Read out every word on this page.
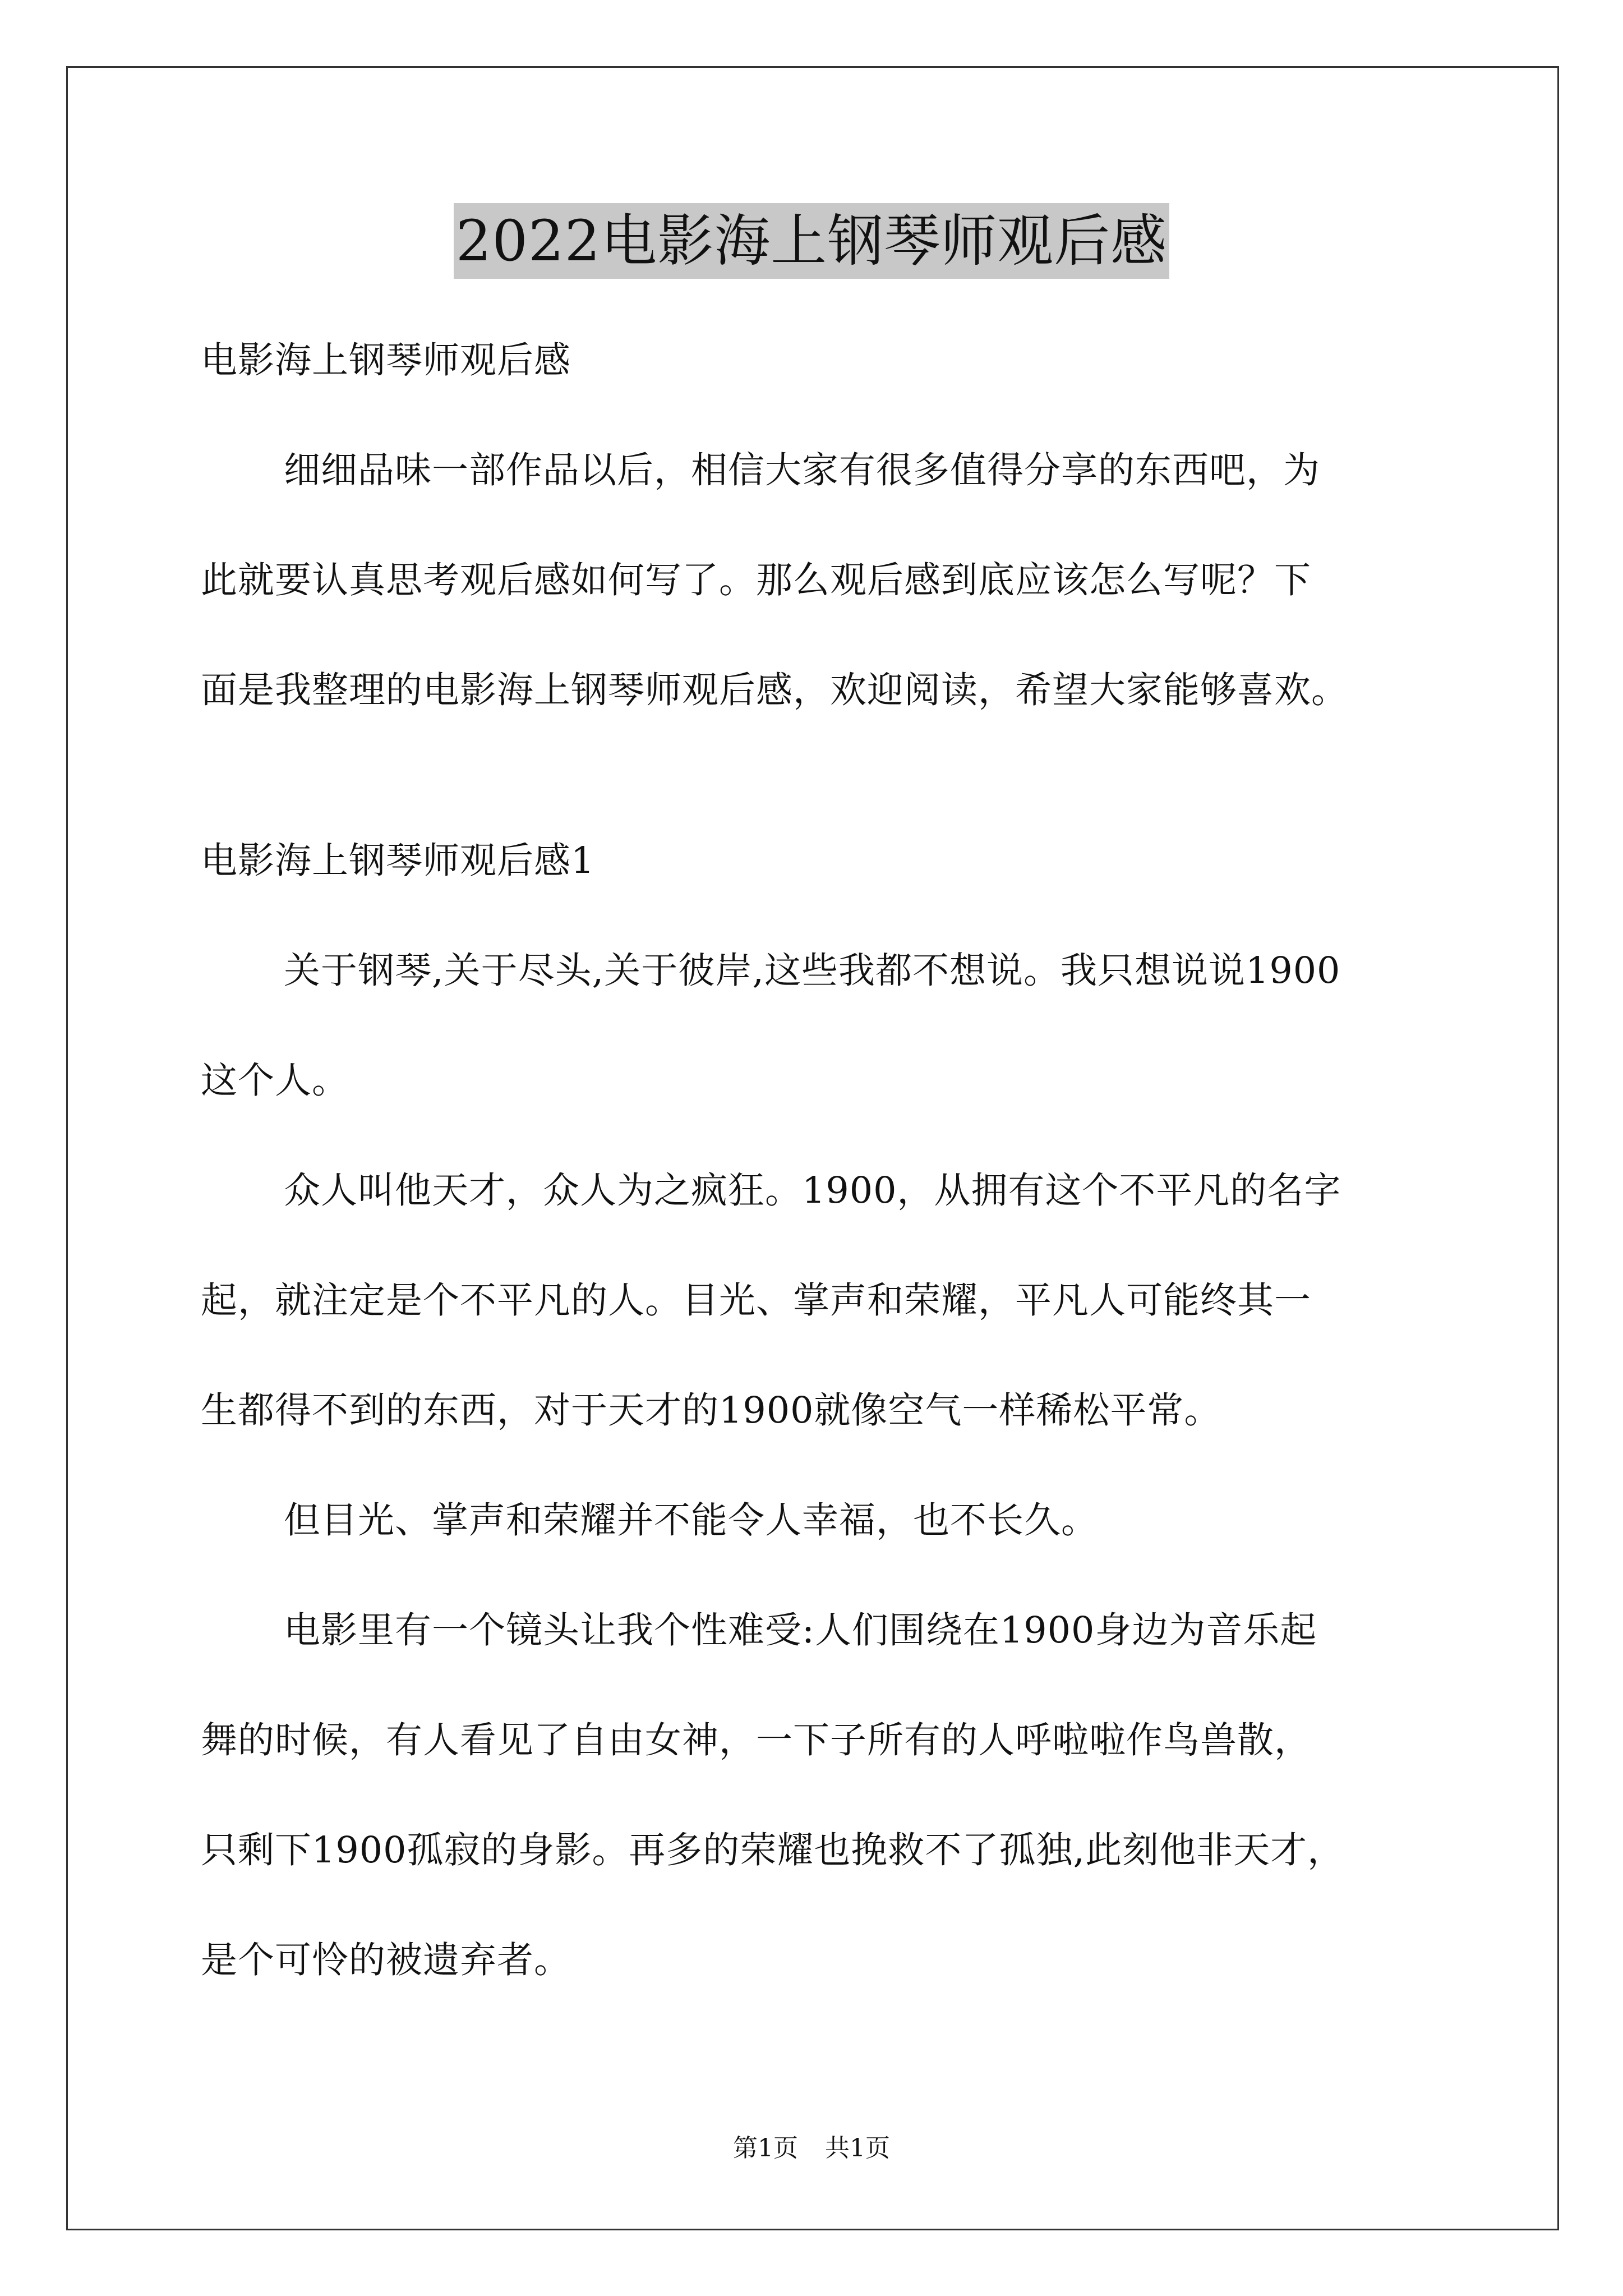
2022电影海上钢琴师观后感
电影海上钢琴师观后感
细细品味一部作品以后，相信大家有很多值得分享的东西吧，为
此就要认真思考观后感如何写了。那么观后感到底应该怎么写呢？下
面是我整理的电影海上钢琴师观后感，欢迎阅读，希望大家能够喜欢。
电影海上钢琴师观后感1
关于钢琴,关于尽头,关于彼岸,这些我都不想说。我只想说说1900
这个人。
众人叫他天才，众人为之疯狂。1900，从拥有这个不平凡的名字
起，就注定是个不平凡的人。目光、掌声和荣耀，平凡人可能终其一
生都得不到的东西，对于天才的1900就像空气一样稀松平常。
但目光、掌声和荣耀并不能令人幸福，也不长久。
电影里有一个镜头让我个性难受:人们围绕在1900身边为音乐起
舞的时候，有人看见了自由女神，一下子所有的人呼啦啦作鸟兽散，
只剩下1900孤寂的身影。再多的荣耀也挽救不了孤独,此刻他非天才，
是个可怜的被遗弃者。
第1页 共1页
